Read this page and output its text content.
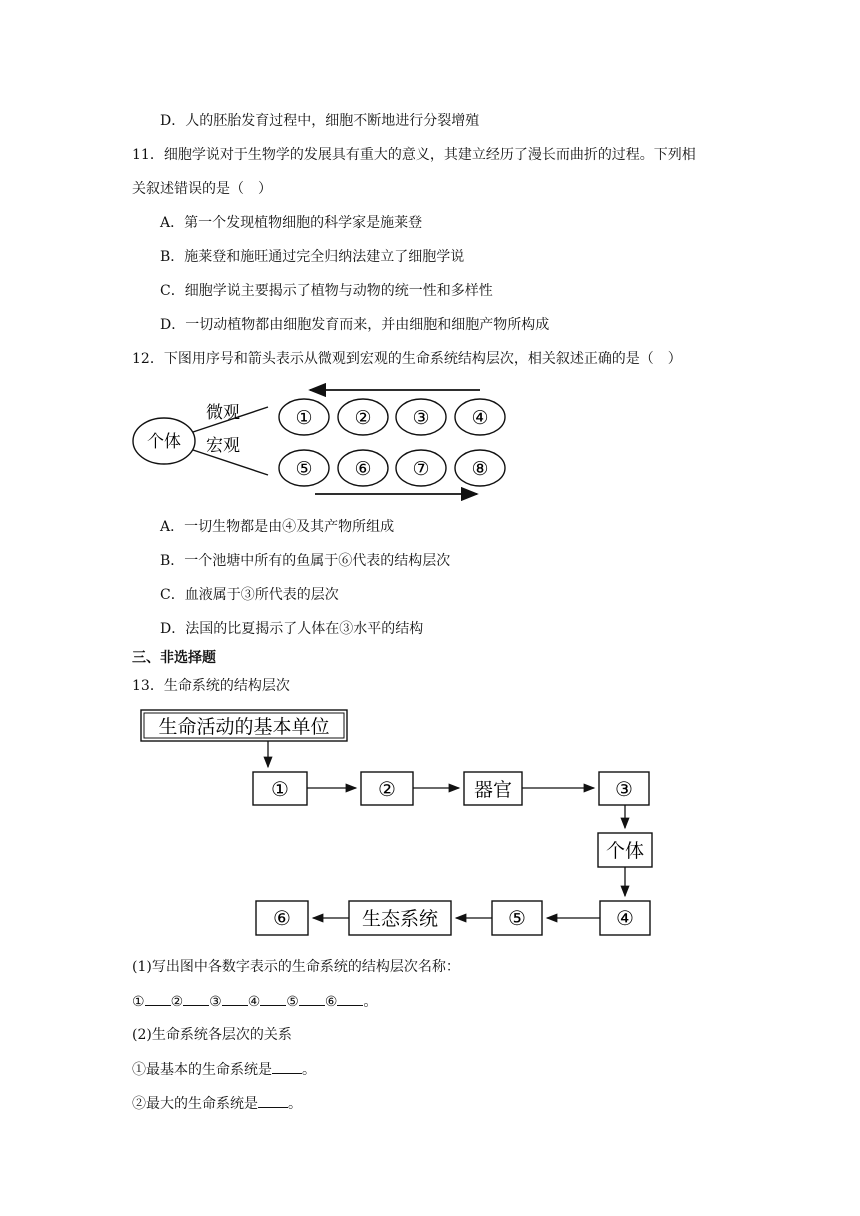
D．人的胚胎发育过程中，细胞不断地进行分裂增殖
11．细胞学说对于生物学的发展具有重大的意义，其建立经历了漫长而曲折的过程。下列相
关叙述错误的是（　）
A．第一个发现植物细胞的科学家是施莱登
B．施莱登和施旺通过完全归纳法建立了细胞学说
C．细胞学说主要揭示了植物与动物的统一性和多样性
D．一切动植物都由细胞发育而来，并由细胞和细胞产物所构成
12．下图用序号和箭头表示从微观到宏观的生命系统结构层次，相关叙述正确的是（　）
个体
微观
宏观
① ② ③ ④
⑤ ⑥ ⑦ ⑧
A．一切生物都是由④及其产物所组成
B．一个池塘中所有的鱼属于⑥代表的结构层次
C．血液属于③所代表的层次
D．法国的比夏揭示了人体在③水平的结构
三、非选择题
13．生命系统的结构层次
生命活动的基本单位
①	②	器官	③
个体
④
⑤
生态系统
⑥
(1)写出图中各数字表示的生命系统的结构层次名称：
① ② ③ ④ ⑤ ⑥ 。
(2)生命系统各层次的关系
①最基本的生命系统是 。
②最大的生命系统是 。
